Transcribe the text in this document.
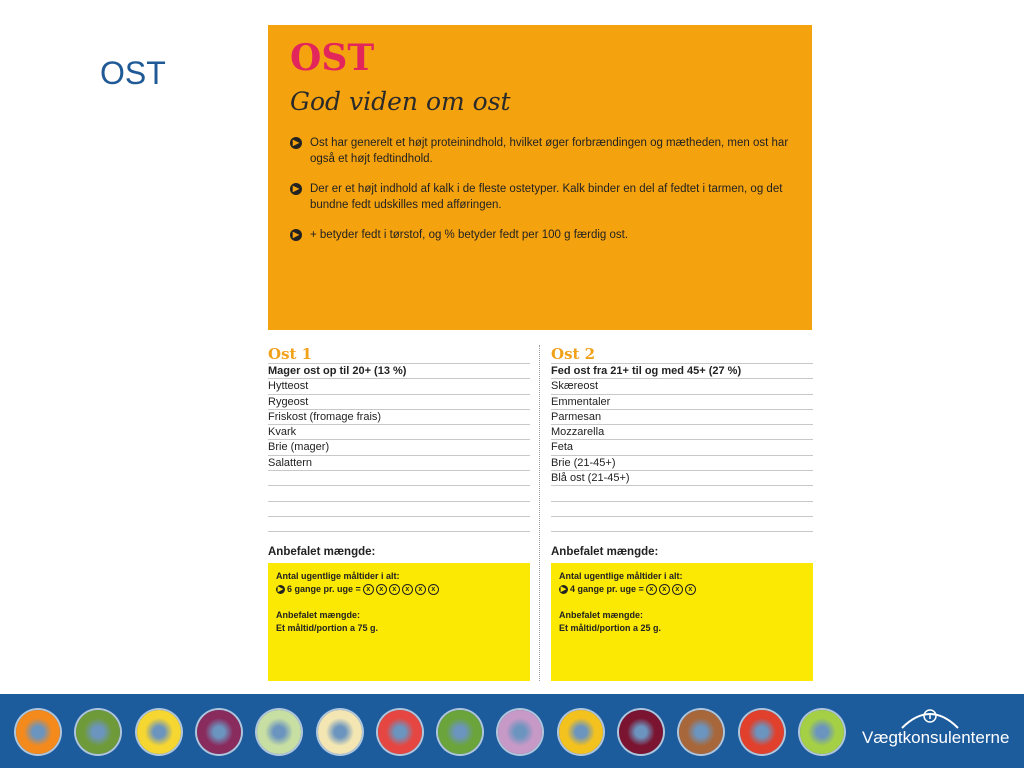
OST	OST
God viden om ost
▶ Ost har generelt et højt proteinindhold, hvilket øger forbrændingen og mætheden, men ost har også et højt fedtindhold.
▶ Der er et højt indhold af kalk i de fleste ostetyper. Kalk binder en del af fedtet i tarmen, og det bundne fedt udskilles med afføringen.
▶ + betyder fedt i tørstof, og % betyder fedt per 100 g færdig ost.
Ost 1
Mager ost op til 20+ (13 %)
Hytteost
Rygeost
Friskost (fromage frais)
Kvark
Brie (mager)
Salattern
Anbefalet mængde:
Antal ugentlige måltider i alt:
▶ 6 gange pr. uge = x	x	x	x	x	x
Anbefalet mængde:
Et måltid/portion a 75 g.
Ost 2
Fed ost fra 21+ til og med 45+ (27 %)
Skæreost
Emmentaler
Parmesan
Mozzarella
Feta
Brie (21-45+)
Blå ost (21-45+)
Anbefalet mængde:
Antal ugentlige måltider i alt:
▶ 4 gange pr. uge = x	x	x	x
Anbefalet mængde:
Et måltid/portion a 25 g.
Vægtkonsulenterne
